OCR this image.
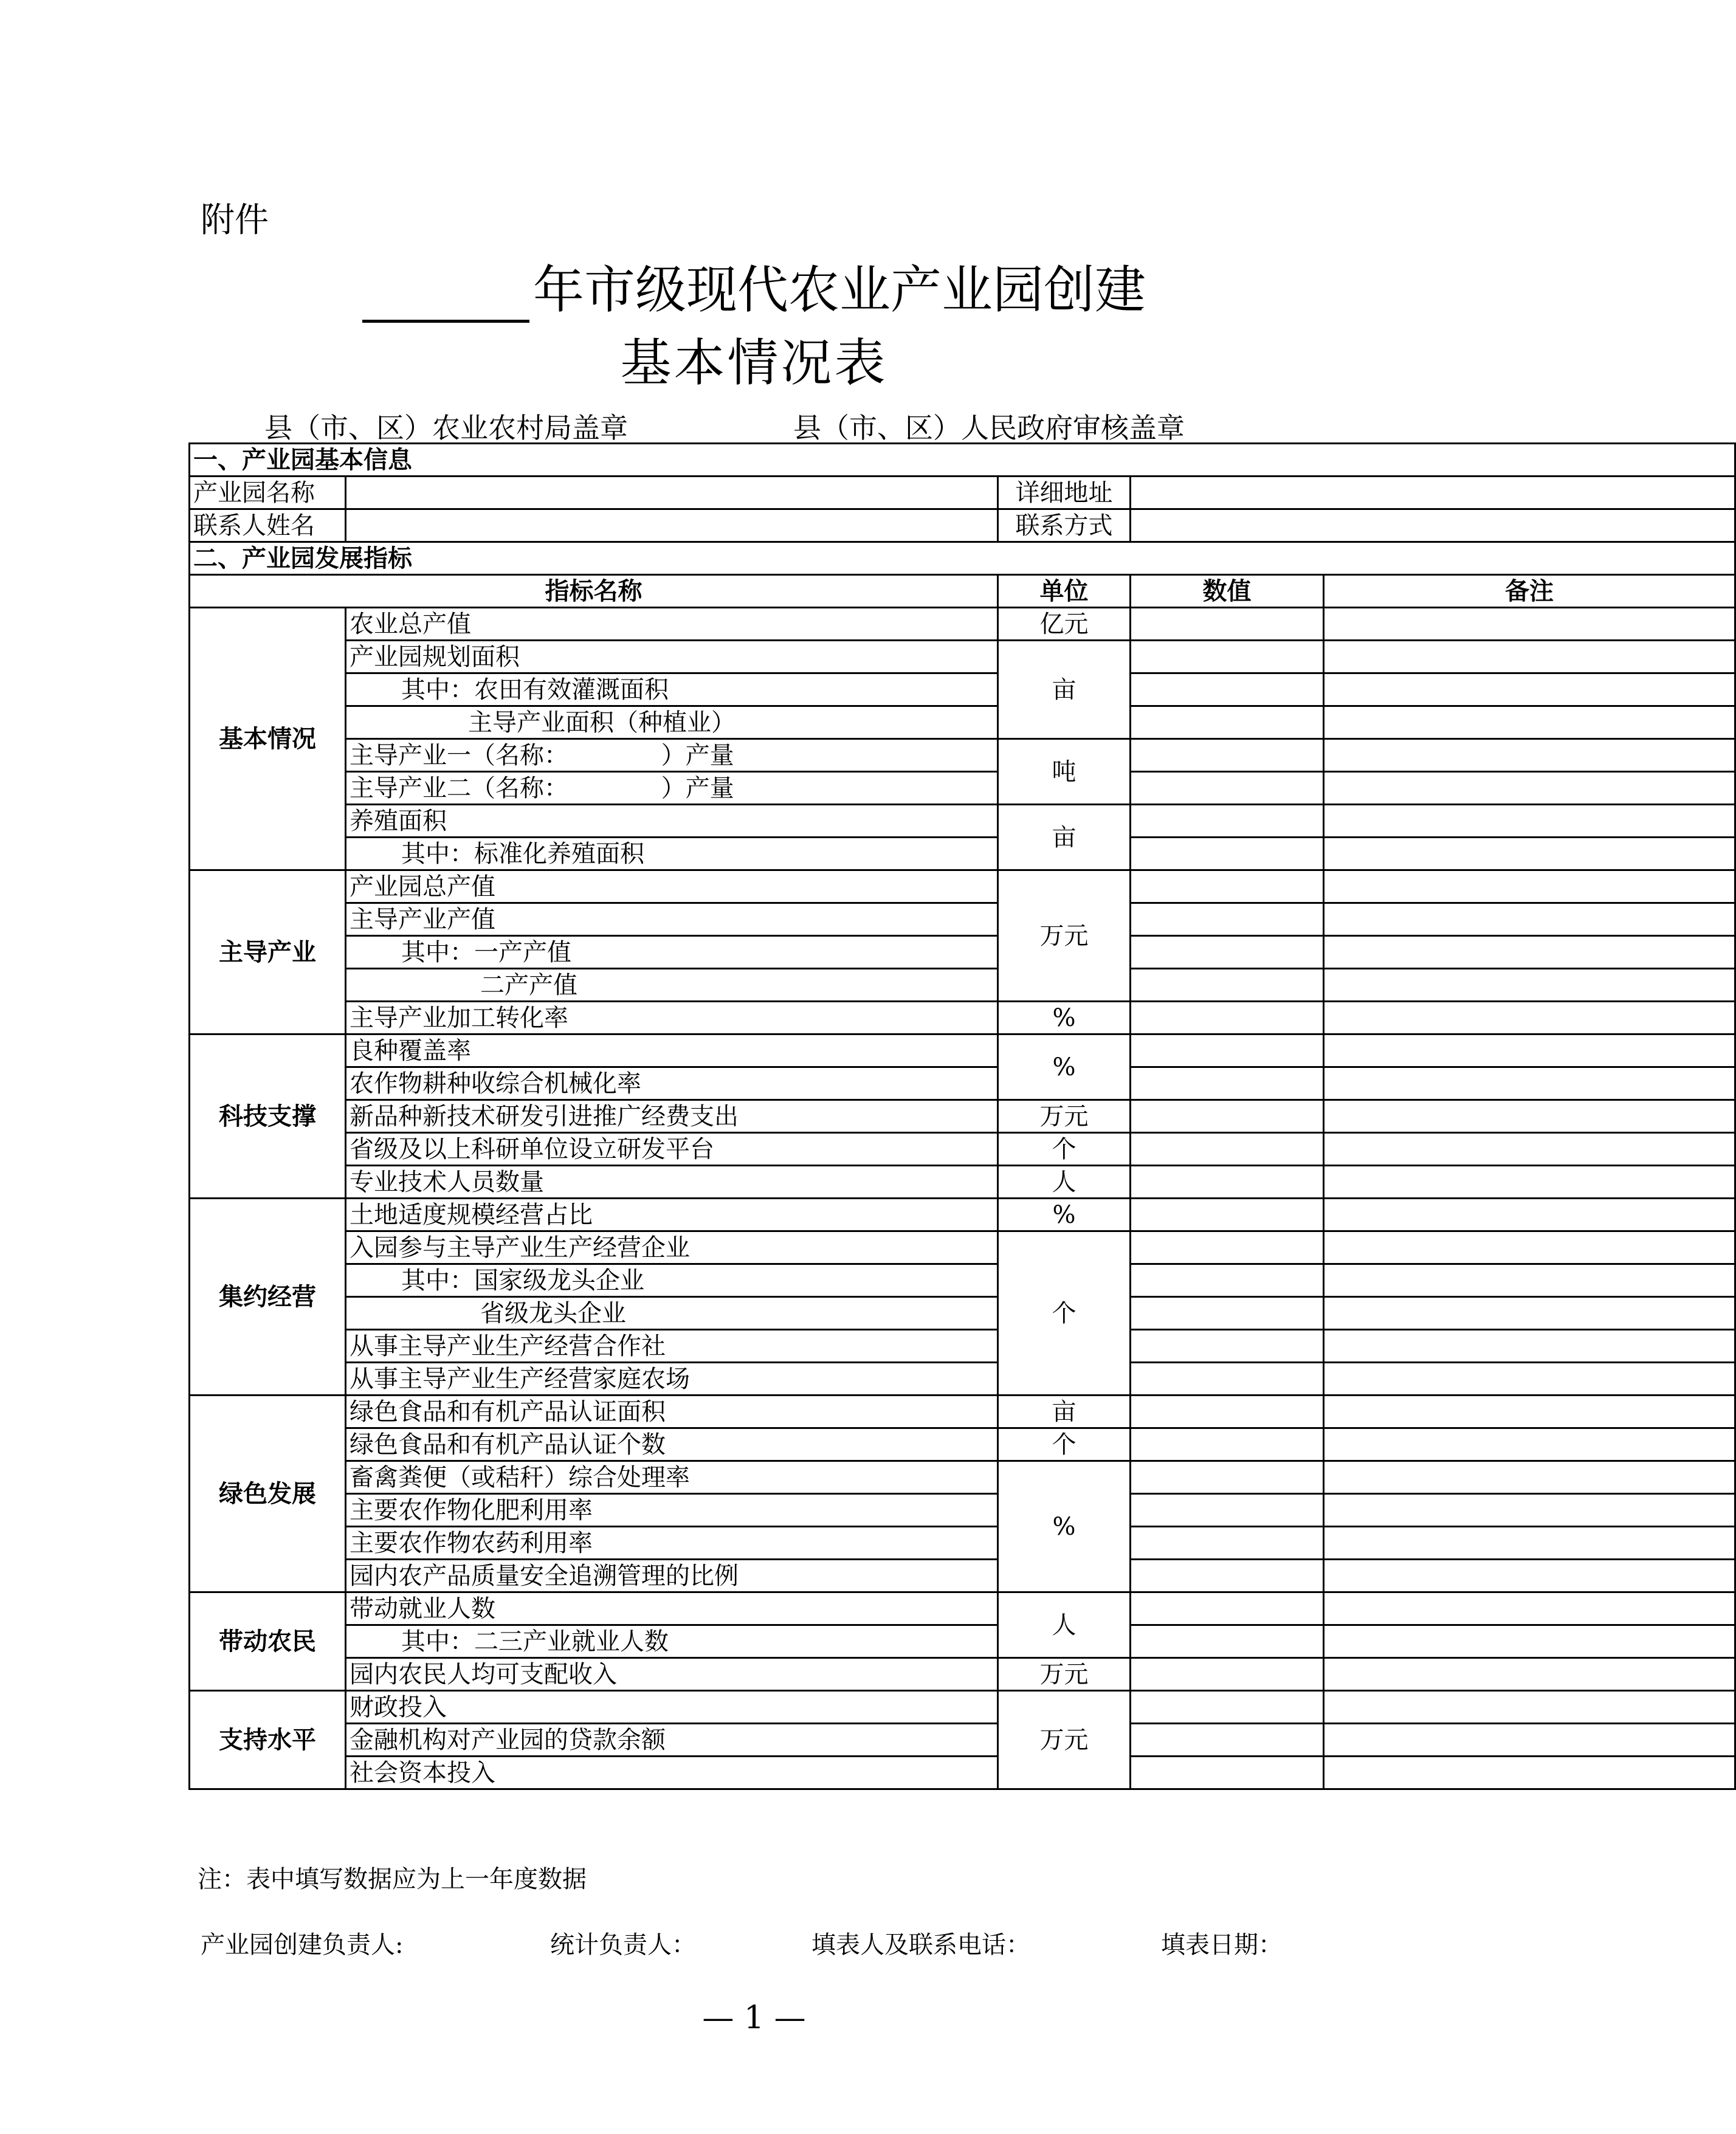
附件
年市级现代农业产业园创建
基本情况表
县（市、区）农业农村局盖章	县（市、区）人民政府审核盖章
一、产业园基本信息				
产业园名称		详细地址		
联系人姓名		联系方式		
二、产业园发展指标				
指标名称		单位	数值	备注
基本情况	农业总产值	亿元		
	产业园规划面积	亩		
	其中：农田有效灌溉面积			
	主导产业面积（种植业）			
	主导产业一（名称：            ）产量	吨		
	主导产业二（名称：            ）产量			
	养殖面积	亩		
	其中：标准化养殖面积			
主导产业	产业园总产值	万元		
	主导产业产值			
	其中：一产产值			
	二产产值			
	主导产业加工转化率	%		
科技支撑	良种覆盖率	%		
	农作物耕种收综合机械化率			
	新品种新技术研发引进推广经费支出	万元		
	省级及以上科研单位设立研发平台	个		
	专业技术人员数量	人		
集约经营	土地适度规模经营占比	%		
	入园参与主导产业生产经营企业	个		
	其中：国家级龙头企业			
	省级龙头企业			
	从事主导产业生产经营合作社			
	从事主导产业生产经营家庭农场			
绿色发展	绿色食品和有机产品认证面积	亩		
	绿色食品和有机产品认证个数	个		
	畜禽粪便（或秸秆）综合处理率	%		
	主要农作物化肥利用率			
	主要农作物农药利用率			
	园内农产品质量安全追溯管理的比例			
带动农民	带动就业人数	人		
	其中：二三产业就业人数			
	园内农民人均可支配收入	万元		
支持水平	财政投入	万元		
	金融机构对产业园的贷款余额			
	社会资本投入			
注：表中填写数据应为上一年度数据
产业园创建负责人:	统计负责人：	填表人及联系电话：	填表日期：
— 1 —
